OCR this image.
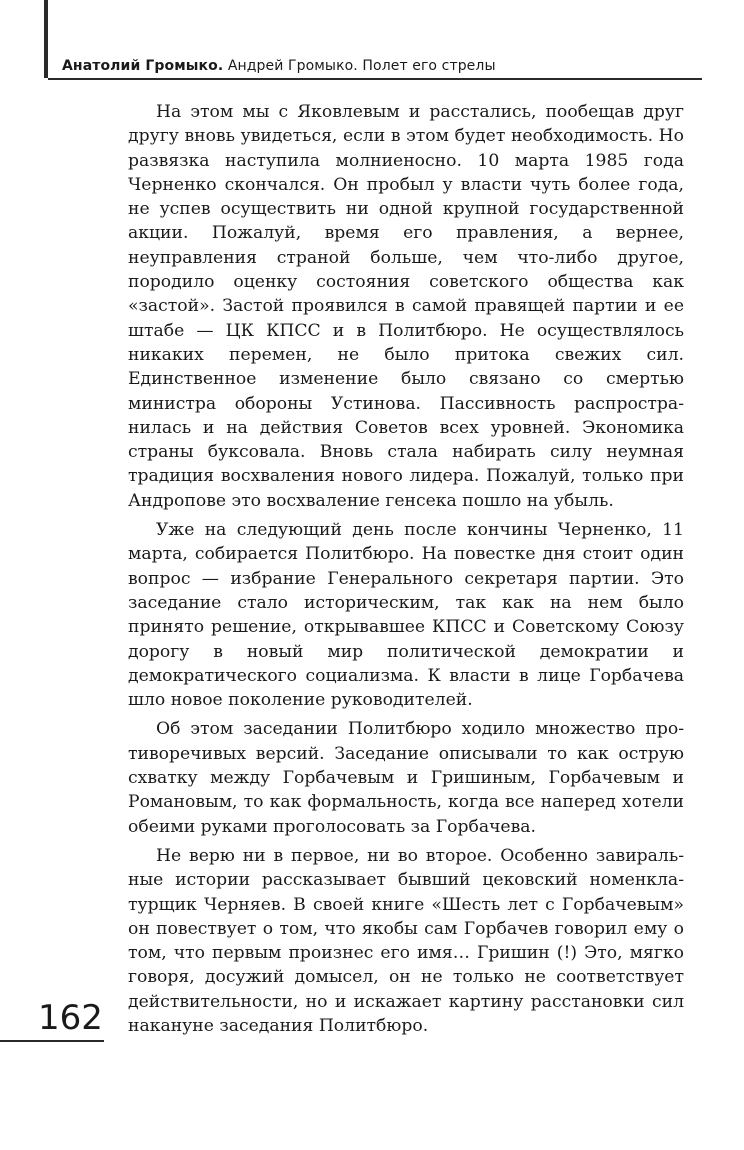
Анатолий Громыко. Андрей Громыко. Полет его стрелы

На этом мы с Яковлевым и расстались, пообещав друг другу вновь увидеться, если в этом будет необходимость. Но развязка наступила молниеносно. 10 марта 1985 года Черненко скончался. Он пробыл у власти чуть более года, не успев осуществить ни одной крупной государственной акции. Пожалуй, время его правления, а вернее, неуправления страной больше, чем что-либо другое, породило оценку состояния советского общества как «застой». Застой проявился в самой правящей партии и ее штабе — ЦК КПСС и в Политбюро. Не осуществлялось никаких перемен, не было притока свежих сил. Единственное изменение было связано со смертью министра обороны Устинова. Пассивность распространилась и на действия Советов всех уровней. Экономика страны буксовала. Вновь стала набирать силу неумная традиция восхваления нового лидера. Пожалуй, только при Андропове это восхваление генсека пошло на убыль.

Уже на следующий день после кончины Черненко, 11 марта, собирается Политбюро. На повестке дня стоит один вопрос — избрание Генерального секретаря партии. Это заседание стало историческим, так как на нем было принято решение, открывавшее КПСС и Советскому Союзу дорогу в новый мир политической демократии и демократического социализма. К власти в лице Горбачева шло новое поколение руководителей.

Об этом заседании Политбюро ходило множество противоречивых версий. Заседание описывали то как острую схватку между Горбачевым и Гришиным, Горбачевым и Романовым, то как формальность, когда все наперед хотели обеими руками проголосовать за Горбачева.

Не верю ни в первое, ни во второе. Особенно завиральные истории рассказывает бывший цековский номенклатурщик Черняев. В своей книге «Шесть лет с Горбачевым» он повествует о том, что якобы сам Горбачев говорил ему о том, что первым произнес его имя… Гришин (!) Это, мягко говоря, досужий домысел, он не только не соответствует действительности, но и искажает картину расстановки сил накануне заседания Политбюро.

162
